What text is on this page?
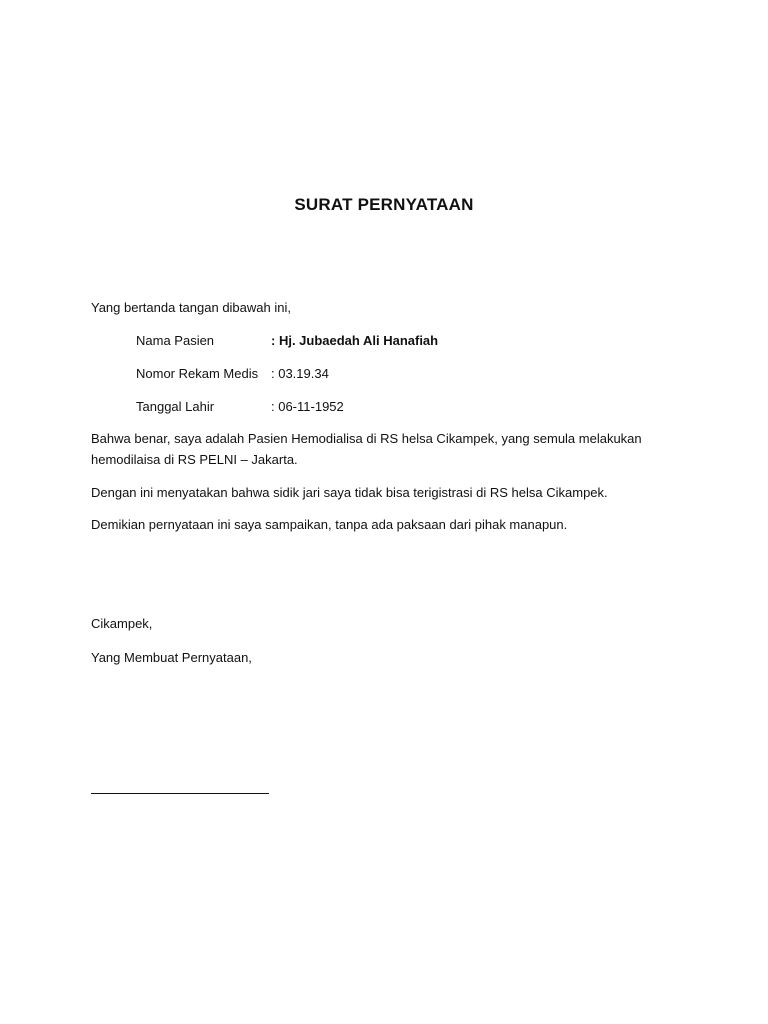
SURAT PERNYATAAN
Yang bertanda tangan dibawah ini,
Nama Pasien	: Hj. Jubaedah Ali Hanafiah
Nomor Rekam Medis : 03.19.34
Tanggal Lahir	: 06-11-1952
Bahwa benar, saya adalah Pasien Hemodialisa di RS helsa Cikampek, yang semula melakukan
hemodilaisa di RS PELNI – Jakarta.
Dengan ini menyatakan bahwa sidik jari saya tidak bisa terigistrasi di RS helsa Cikampek.
Demikian pernyataan ini saya sampaikan, tanpa ada paksaan dari pihak manapun.
Cikampek,
Yang Membuat Pernyataan,
